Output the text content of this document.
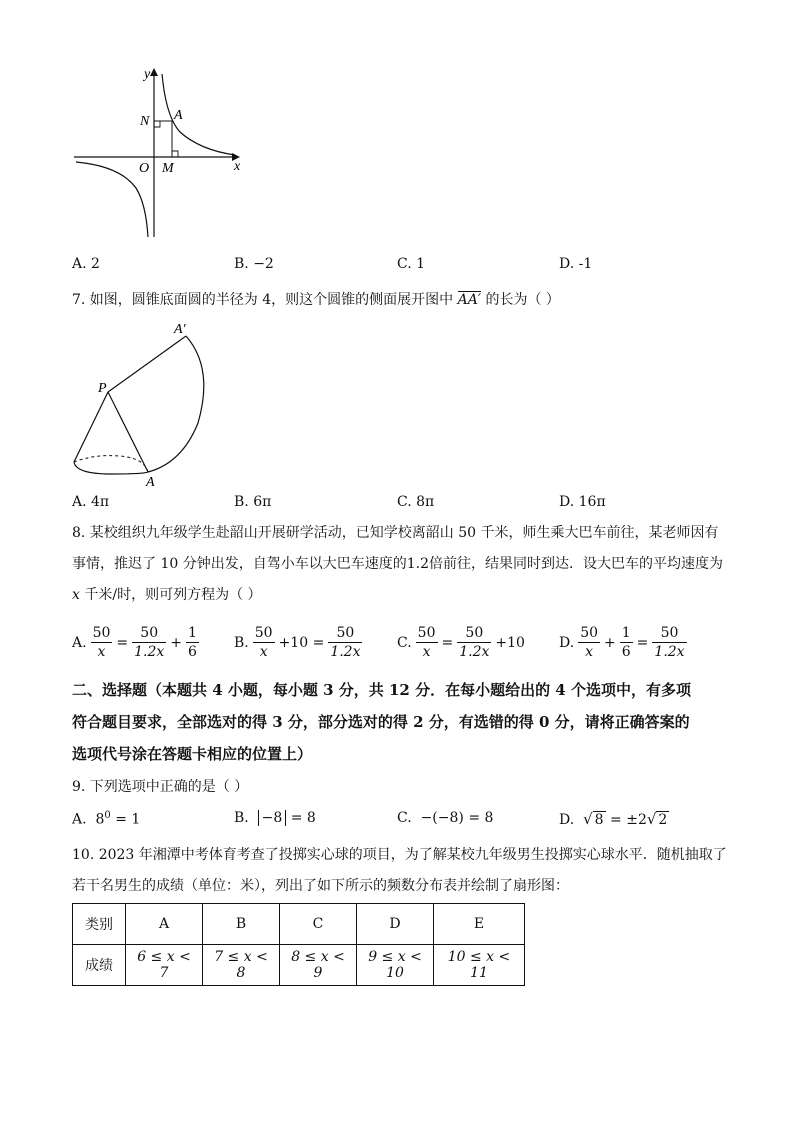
y
x
O
N A
M
A. 2	B. −2	C. 1	D. -1
7. 如图，圆锥底面圆的半径为 4，则这个圆锥的侧面展开图中 AA′ 的长为（ ）
A′
P
A
A. 4π	B. 6π	C. 8π	D. 16π
8. 某校组织九年级学生赴韶山开展研学活动，已知学校离韶山 50 千米，师生乘大巴车前往，某老师因有
事情，推迟了 10 分钟出发，自驾小车以大巴车速度的1.2倍前往，结果同时到达．设大巴车的平均速度为
x 千米/时，则可列方程为（ ）
A. $\frac{50}{x} = \frac{50}{1.2x} + \frac{1}{6}$	B. $\frac{50}{x} +10 = \frac{50}{1.2x} C$. $\frac{50}{x} = \frac{50}{1.2x} +10$ D. $\frac{50}{x} + \frac{1}{6} = \frac{50}{1.2x}$
二、选择题（本题共 4 小题，每小题 3 分，共 12 分．在每小题给出的 4 个选项中，有多项
符合题目要求，全部选对的得 3 分，部分选对的得 2 分，有选错的得 0 分，请将正确答案的
选项代号涂在答题卡相应的位置上）
9. 下列选项中正确的是（ ）
A. $8^0 = 1$	B. −8 = 8	C. −(−8) = 8	D. √ 8 = ±2√ 2
10. 2023 年湘潭中考体育考查了投掷实心球的项目，为了解某校九年级男生投掷实心球水平．随机抽取了
若干名男生的成绩（单位：米），列出了如下所示的频数分布表并绘制了扇形图：
类别	A	B	C	D	E
成绩	6 ≤ x < 7	7 ≤ x < 8	8 ≤ x < 9	9 ≤ x < 10	10 ≤ x < 11
